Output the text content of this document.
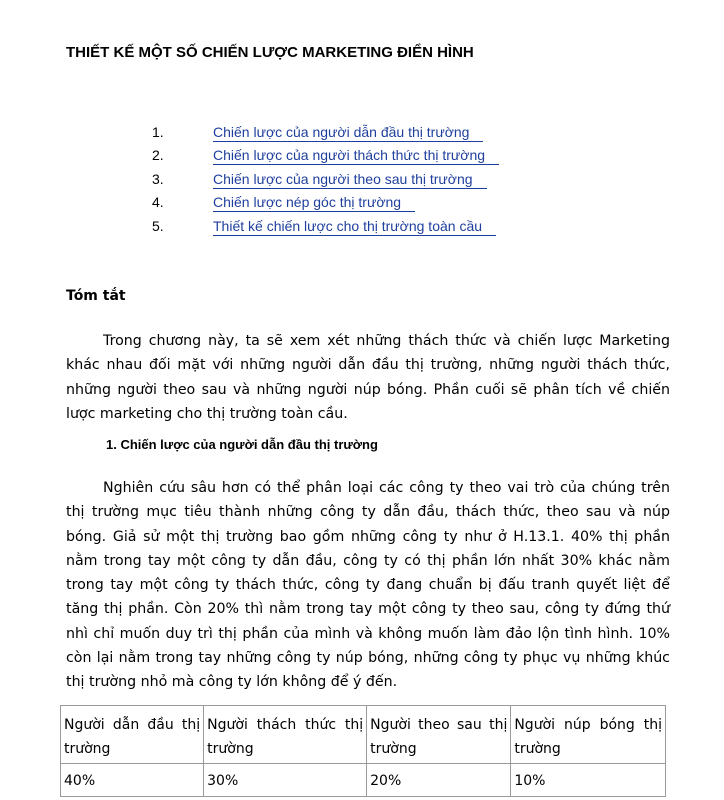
THIẾT KẾ MỘT SỐ CHIẾN LƯỢC MARKETING ĐIỂN HÌNH
1.	Chiến lược của người dẫn đầu thị trường
2.	Chiến lược của người thách thức thị trường
3.	Chiến lược của người theo sau thị trường
4.	Chiến lược nép góc thị trường
5.	Thiết kế chiến lược cho thị trường toàn cầu
Tóm tắt

Trong chương này, ta sẽ xem xét những thách thức và chiến lược Marketing khác nhau đối mặt với những người dẫn đầu thị trường, những người thách thức, những người theo sau và những người núp bóng. Phần cuối sẽ phân tích về chiến lược marketing cho thị trường toàn cầu.

1. Chiến lược của người dẫn đầu thị trường

Nghiên cứu sâu hơn có thể phân loại các công ty theo vai trò của chúng trên thị trường mục tiêu thành những công ty dẫn đầu, thách thức, theo sau và núp bóng. Giả sử một thị trường bao gồm những công ty như ở H.13.1. 40% thị phần nằm trong tay một công ty dẫn đầu, công ty có thị phần lớn nhất 30% khác nằm trong tay một công ty thách thức, công ty đang chuẩn bị đấu tranh quyết liệt để tăng thị phần. Còn 20% thì nằm trong tay một công ty theo sau, công ty đứng thứ nhì chỉ muốn duy trì thị phần của mình và không muốn làm đảo lộn tình hình. 10% còn lại nằm trong tay những công ty núp bóng, những công ty phục vụ những khúc thị trường nhỏ mà công ty lớn không để ý đến.

Người dẫn đầu thị trường	Người thách thức thị trường	Người theo sau thị trường	Người núp bóng thị trường
40%	30%	20%	10%
